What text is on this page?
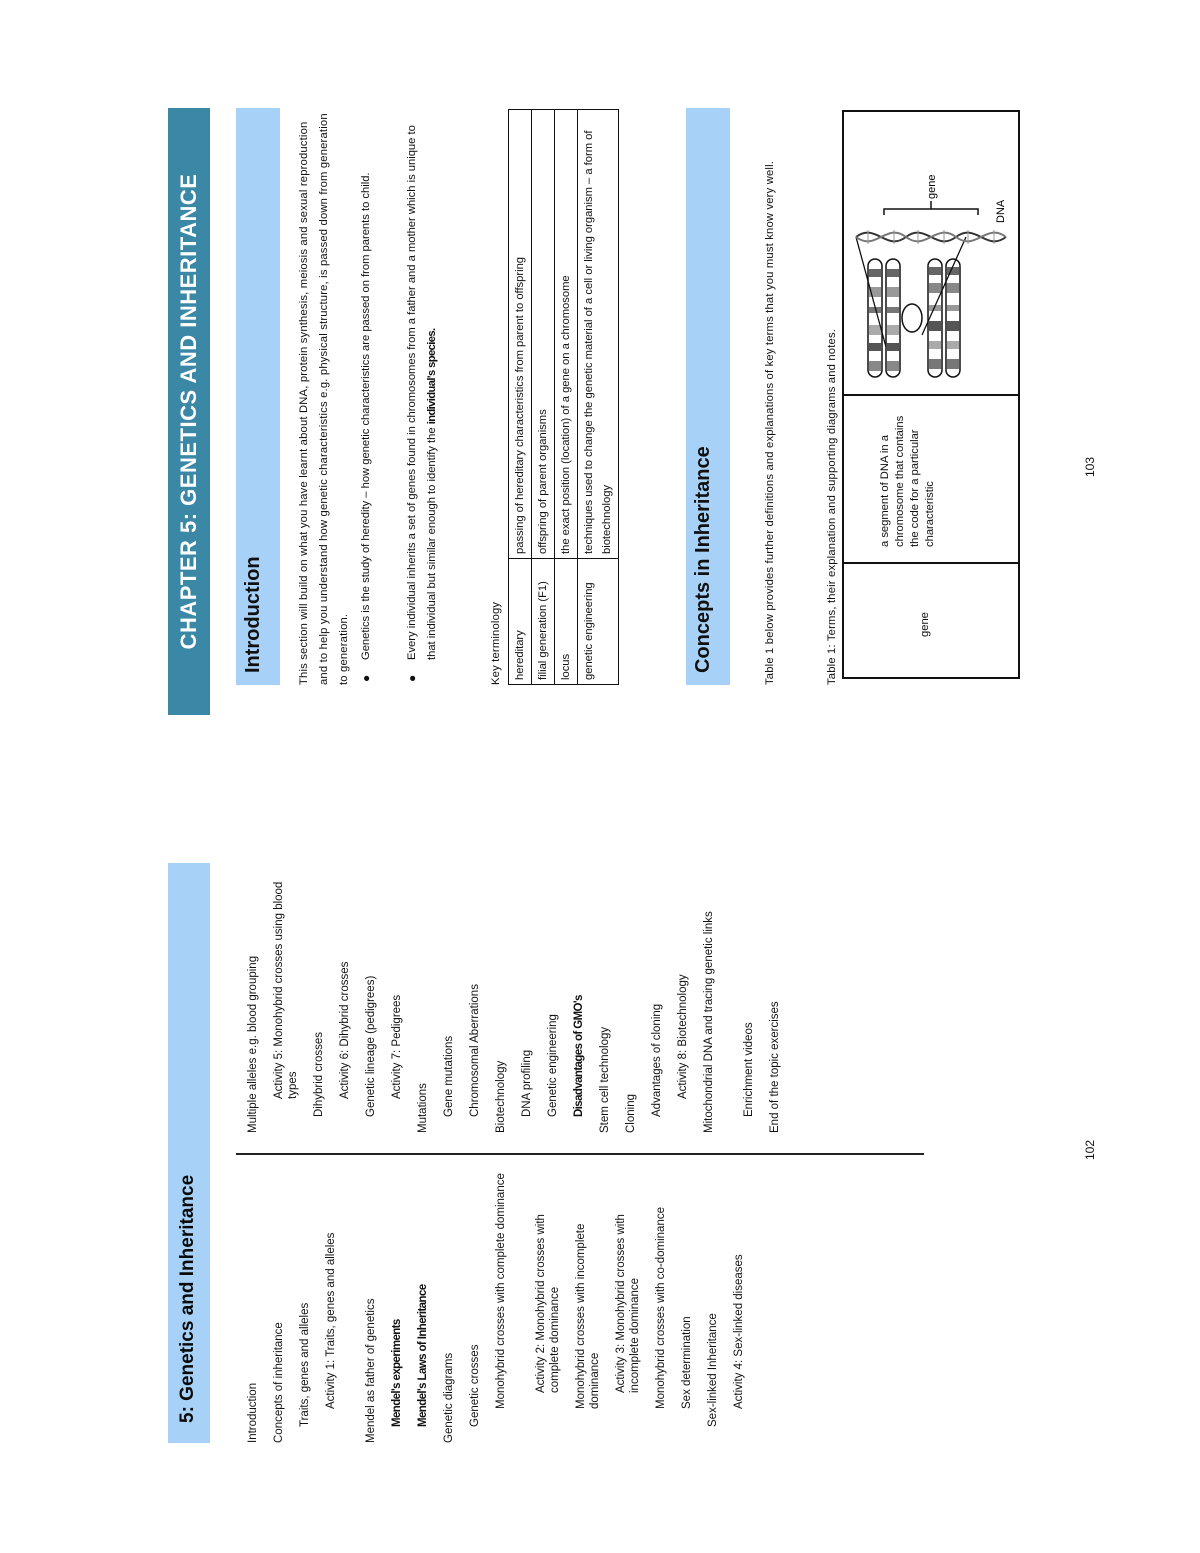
5: Genetics and Inheritance	Introduction Concepts of inheritance Traits, genes and alleles Activity 1: Traits, genes and alleles Mendel as father of genetics Mendel's experiments Mendel's Laws of Inheritance Genetic diagrams Genetic crosses Monohybrid crosses with complete dominance Activity 2: Monohybrid crosses with complete dominance Monohybrid crosses with incomplete dominance Activity 3: Monohybrid crosses with incomplete dominance Monohybrid crosses with co-dominance Sex determination Sex-linked Inheritance Activity 4: Sex-linked diseases
Multiple alleles e.g. blood grouping Activity 5: Monohybrid crosses using blood types Dihybrid crosses Activity 6: Dihybrid crosses Genetic lineage (pedigrees) Activity 7: Pedigrees
Mutations Gene mutations Chromosomal Aberrations Biotechnology DNA profiling Genetic engineering Disadvantages of GMO's Stem cell technology Cloning Advantages of cloning Activity 8: Biotechnology Mitochondrial DNA and tracing genetic links Enrichment videos End of the topic exercises
102
CHAPTER 5: GENETICS AND INHERITANCE Introduction	This section will build on what you have learnt about DNA, protein synthesis, meiosis and sexual reproduction and to help you understand how genetic characteristics e.g. physical structure, is passed down from generation to generation. ●
Genetics is the study of heredity – how genetic characteristics are passed on from parents to child.
●
Every individual inherits a set of genes found in chromosomes from a father and a mother which is unique to that individual but similar enough to identify the individual's species.
Key terminology	hereditary	passing of hereditary characteristics from parent to offspring
filial generation (F1)	offspring of parent organisms
locus	the exact position (location) of a gene on a chromosome
genetic engineering	techniques used to change the genetic material of a cell or living organism – a form of biotechnology	Concepts in Inheritance	Table 1 below provides further definitions and explanations of key terms that you must know very well.	Table 1: Terms, their explanation and supporting diagrams and notes.	gene
a segment of DNA in a chromosome that contains the code for a particular characteristic
gene
DNA
103
